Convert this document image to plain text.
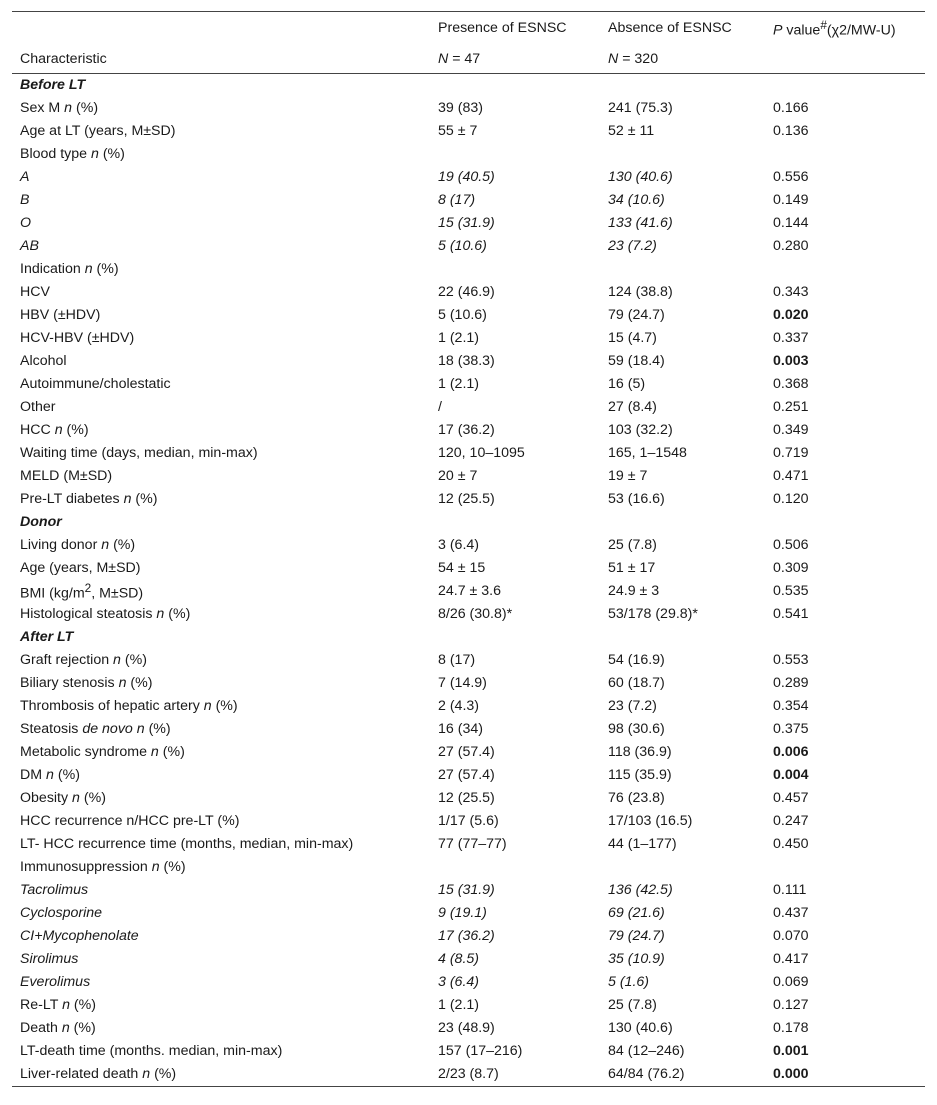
	Presence of ESNSC	Absence of ESNSC	P value#(χ2/MW-U)
Characteristic	N = 47	N = 320	
Before LT			
Sex M n (%)	39 (83)	241 (75.3)	0.166
Age at LT (years, M±SD)	55 ± 7	52 ± 11	0.136
Blood type n (%)			
A	19 (40.5)	130 (40.6)	0.556
B	8 (17)	34 (10.6)	0.149
O	15 (31.9)	133 (41.6)	0.144
AB	5 (10.6)	23 (7.2)	0.280
Indication n (%)			
HCV	22 (46.9)	124 (38.8)	0.343
HBV (±HDV)	5 (10.6)	79 (24.7)	0.020
HCV-HBV (±HDV)	1 (2.1)	15 (4.7)	0.337
Alcohol	18 (38.3)	59 (18.4)	0.003
Autoimmune/cholestatic	1 (2.1)	16 (5)	0.368
Other	/	27 (8.4)	0.251
HCC n (%)	17 (36.2)	103 (32.2)	0.349
Waiting time (days, median, min-max)	120, 10–1095	165, 1–1548	0.719
MELD (M±SD)	20 ± 7	19 ± 7	0.471
Pre-LT diabetes n (%)	12 (25.5)	53 (16.6)	0.120
Donor			
Living donor n (%)	3 (6.4)	25 (7.8)	0.506
Age (years, M±SD)	54 ± 15	51 ± 17	0.309
BMI ($kg/m^2$, M±SD)	24.7 ± 3.6	24.9 ± 3	0.535
Histological steatosis n (%)	8/26 (30.8)*	53/178 (29.8)*	0.541
After LT			
Graft rejection n (%)	8 (17)	54 (16.9)	0.553
Biliary stenosis n (%)	7 (14.9)	60 (18.7)	0.289
Thrombosis of hepatic artery n (%)	2 (4.3)	23 (7.2)	0.354
Steatosis de novo n (%)	16 (34)	98 (30.6)	0.375
Metabolic syndrome n (%)	27 (57.4)	118 (36.9)	0.006
DM n (%)	27 (57.4)	115 (35.9)	0.004
Obesity n (%)	12 (25.5)	76 (23.8)	0.457
HCC recurrence n/HCC pre-LT (%)	1/17 (5.6)	17/103 (16.5)	0.247
LT- HCC recurrence time (months, median, min-max)	77 (77–77)	44 (1–177)	0.450
Immunosuppression n (%)			
Tacrolimus	15 (31.9)	136 (42.5)	0.111
Cyclosporine	9 (19.1)	69 (21.6)	0.437
CI+Mycophenolate	17 (36.2)	79 (24.7)	0.070
Sirolimus	4 (8.5)	35 (10.9)	0.417
Everolimus	3 (6.4)	5 (1.6)	0.069
Re-LT n (%)	1 (2.1)	25 (7.8)	0.127
Death n (%)	23 (48.9)	130 (40.6)	0.178
LT-death time (months. median, min-max)	157 (17–216)	84 (12–246)	0.001
Liver-related death n (%)	2/23 (8.7)	64/84 (76.2)	0.000
